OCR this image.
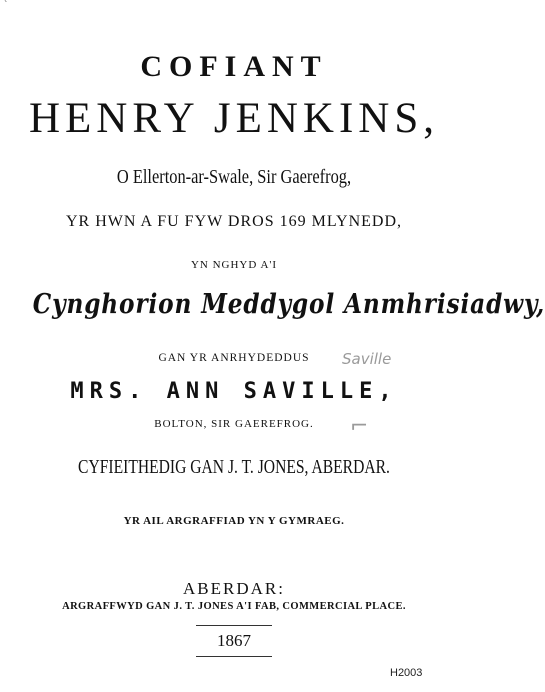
ˋ
COFIANT
HENRY JENKINS,
O Ellerton-ar-Swale, Sir Gaerefrog,
YR HWN A FU FYW DROS 169 MLYNEDD,
YN NGHYD A'I
Cynghorion Meddygol Anmhrisiadwy,
GAN YR ANRHYDEDDUS	Saville
MRS. ANN SAVILLE,
BOLTON, SIR GAEREFROG.	⌐
CYFIEITHEDIG GAN J. T. JONES, ABERDAR.
YR AIL ARGRAFFIAD YN Y GYMRAEG.
ABERDAR:
ARGRAFFWYD GAN J. T. JONES A'I FAB, COMMERCIAL PLACE.
1867
H2003
